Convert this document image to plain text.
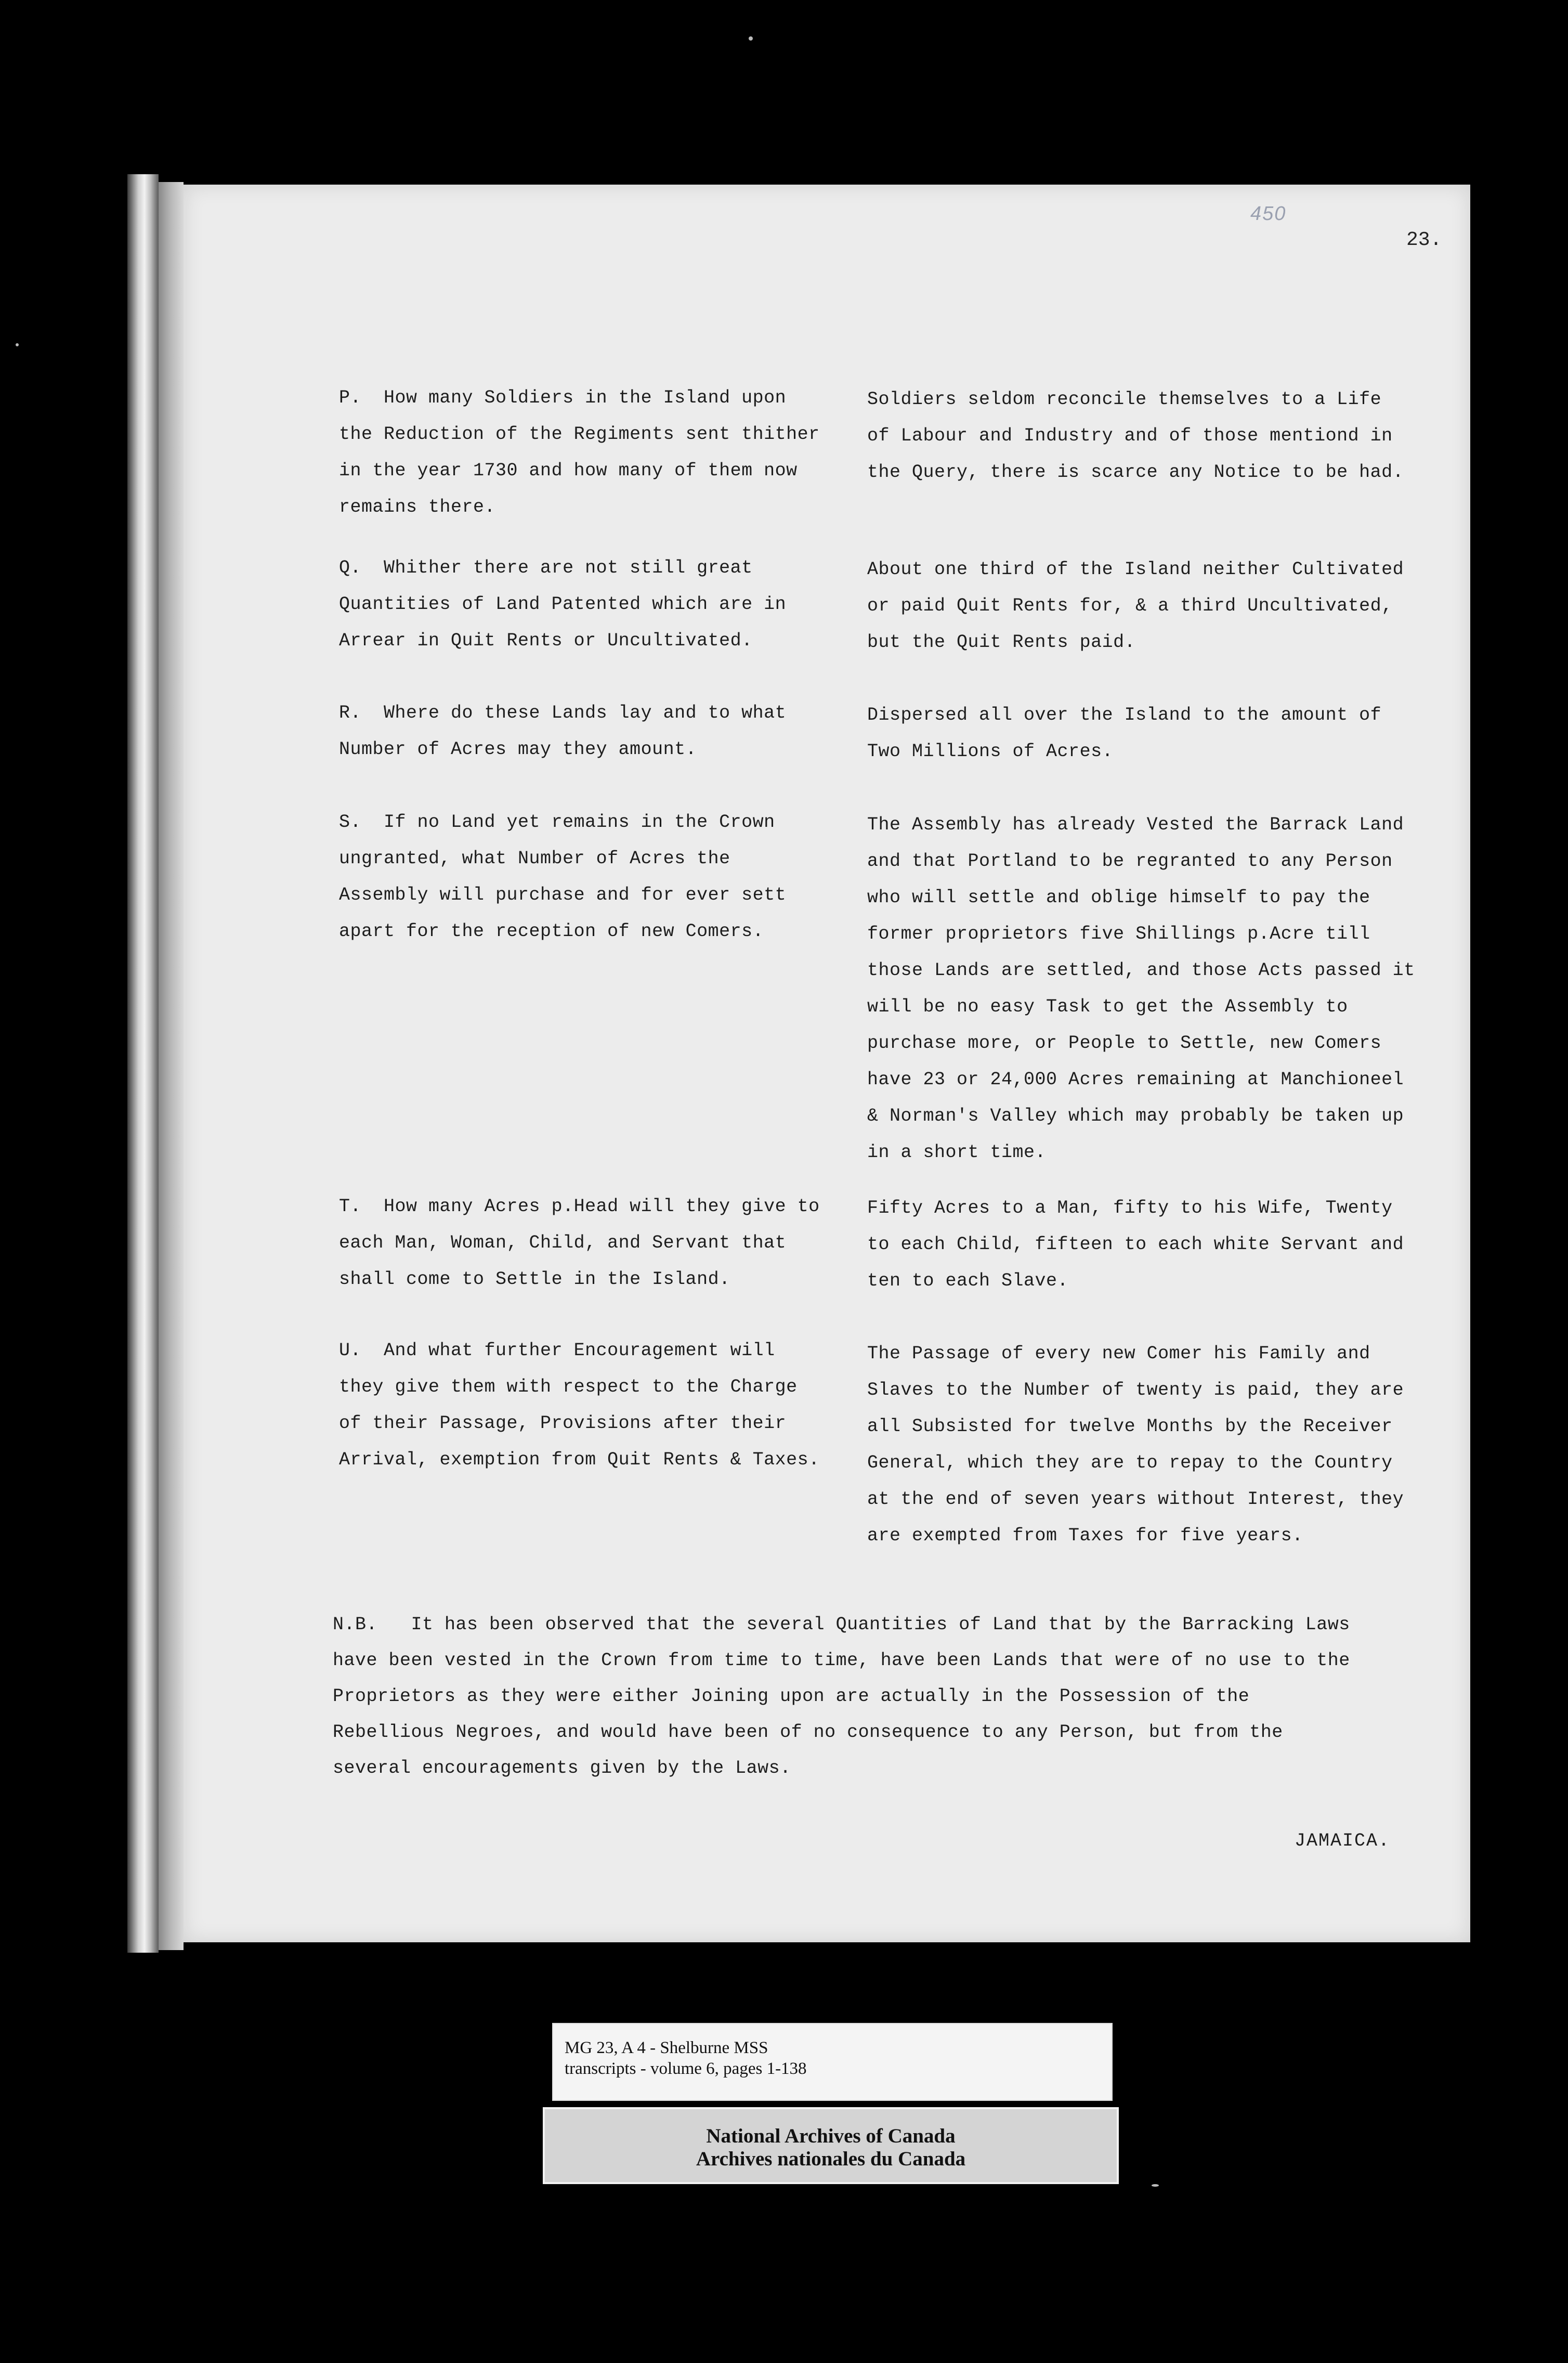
450
23.
P.  How many Soldiers in the Island upon
the Reduction of the Regiments sent thither
in the year 1730 and how many of them now
remains there.
Soldiers seldom reconcile themselves to a Life
of Labour and Industry and of those mentiond in
the Query, there is scarce any Notice to be had.
Q.  Whither there are not still great
Quantities of Land Patented which are in
Arrear in Quit Rents or Uncultivated.
About one third of the Island neither Cultivated
or paid Quit Rents for, & a third Uncultivated,
but the Quit Rents paid.
R.  Where do these Lands lay and to what
Number of Acres may they amount.
Dispersed all over the Island to the amount of
Two Millions of Acres.
S.  If no Land yet remains in the Crown
ungranted, what Number of Acres the
Assembly will purchase and for ever sett
apart for the reception of new Comers.
The Assembly has already Vested the Barrack Land
and that Portland to be regranted to any Person
who will settle and oblige himself to pay the
former proprietors five Shillings p.Acre till
those Lands are settled, and those Acts passed it
will be no easy Task to get the Assembly to
purchase more, or People to Settle, new Comers
have 23 or 24,000 Acres remaining at Manchioneel
& Norman's Valley which may probably be taken up
in a short time.
T.  How many Acres p.Head will they give to
each Man, Woman, Child, and Servant that
shall come to Settle in the Island.
Fifty Acres to a Man, fifty to his Wife, Twenty
to each Child, fifteen to each white Servant and
ten to each Slave.
U.  And what further Encouragement will
they give them with respect to the Charge
of their Passage, Provisions after their
Arrival, exemption from Quit Rents & Taxes.
The Passage of every new Comer his Family and
Slaves to the Number of twenty is paid, they are
all Subsisted for twelve Months by the Receiver
General, which they are to repay to the Country
at the end of seven years without Interest, they
are exempted from Taxes for five years.
N.B.   It has been observed that the several Quantities of Land that by the Barracking Laws
have been vested in the Crown from time to time, have been Lands that were of no use to the
Proprietors as they were either Joining upon are actually in the Possession of the
Rebellious Negroes, and would have been of no consequence to any Person, but from the
several encouragements given by the Laws.
JAMAICA.
MG 23, A 4 - Shelburne MSS
transcripts - volume 6, pages 1-138
National Archives of Canada
Archives nationales du Canada
